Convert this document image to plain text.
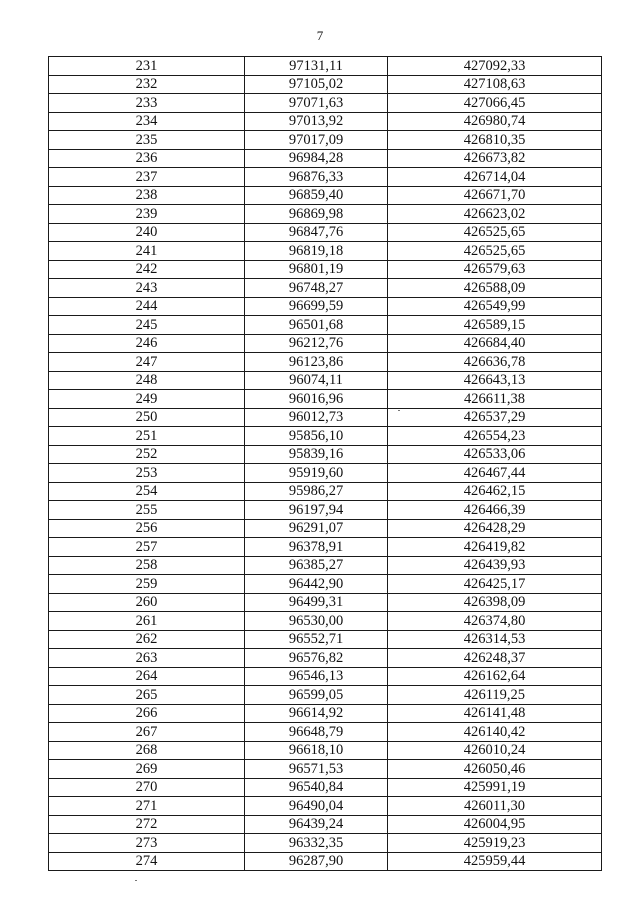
7
231	97131,11	427092,33
232	97105,02	427108,63
233	97071,63	427066,45
234	97013,92	426980,74
235	97017,09	426810,35
236	96984,28	426673,82
237	96876,33	426714,04
238	96859,40	426671,70
239	96869,98	426623,02
240	96847,76	426525,65
241	96819,18	426525,65
242	96801,19	426579,63
243	96748,27	426588,09
244	96699,59	426549,99
245	96501,68	426589,15
246	96212,76	426684,40
247	96123,86	426636,78
248	96074,11	426643,13
249	96016,96	426611,38
250	96012,73	426537,29
251	95856,10	426554,23
252	95839,16	426533,06
253	95919,60	426467,44
254	95986,27	426462,15
255	96197,94	426466,39
256	96291,07	426428,29
257	96378,91	426419,82
258	96385,27	426439,93
259	96442,90	426425,17
260	96499,31	426398,09
261	96530,00	426374,80
262	96552,71	426314,53
263	96576,82	426248,37
264	96546,13	426162,64
265	96599,05	426119,25
266	96614,92	426141,48
267	96648,79	426140,42
268	96618,10	426010,24
269	96571,53	426050,46
270	96540,84	425991,19
271	96490,04	426011,30
272	96439,24	426004,95
273	96332,35	425919,23
274	96287,90	425959,44
